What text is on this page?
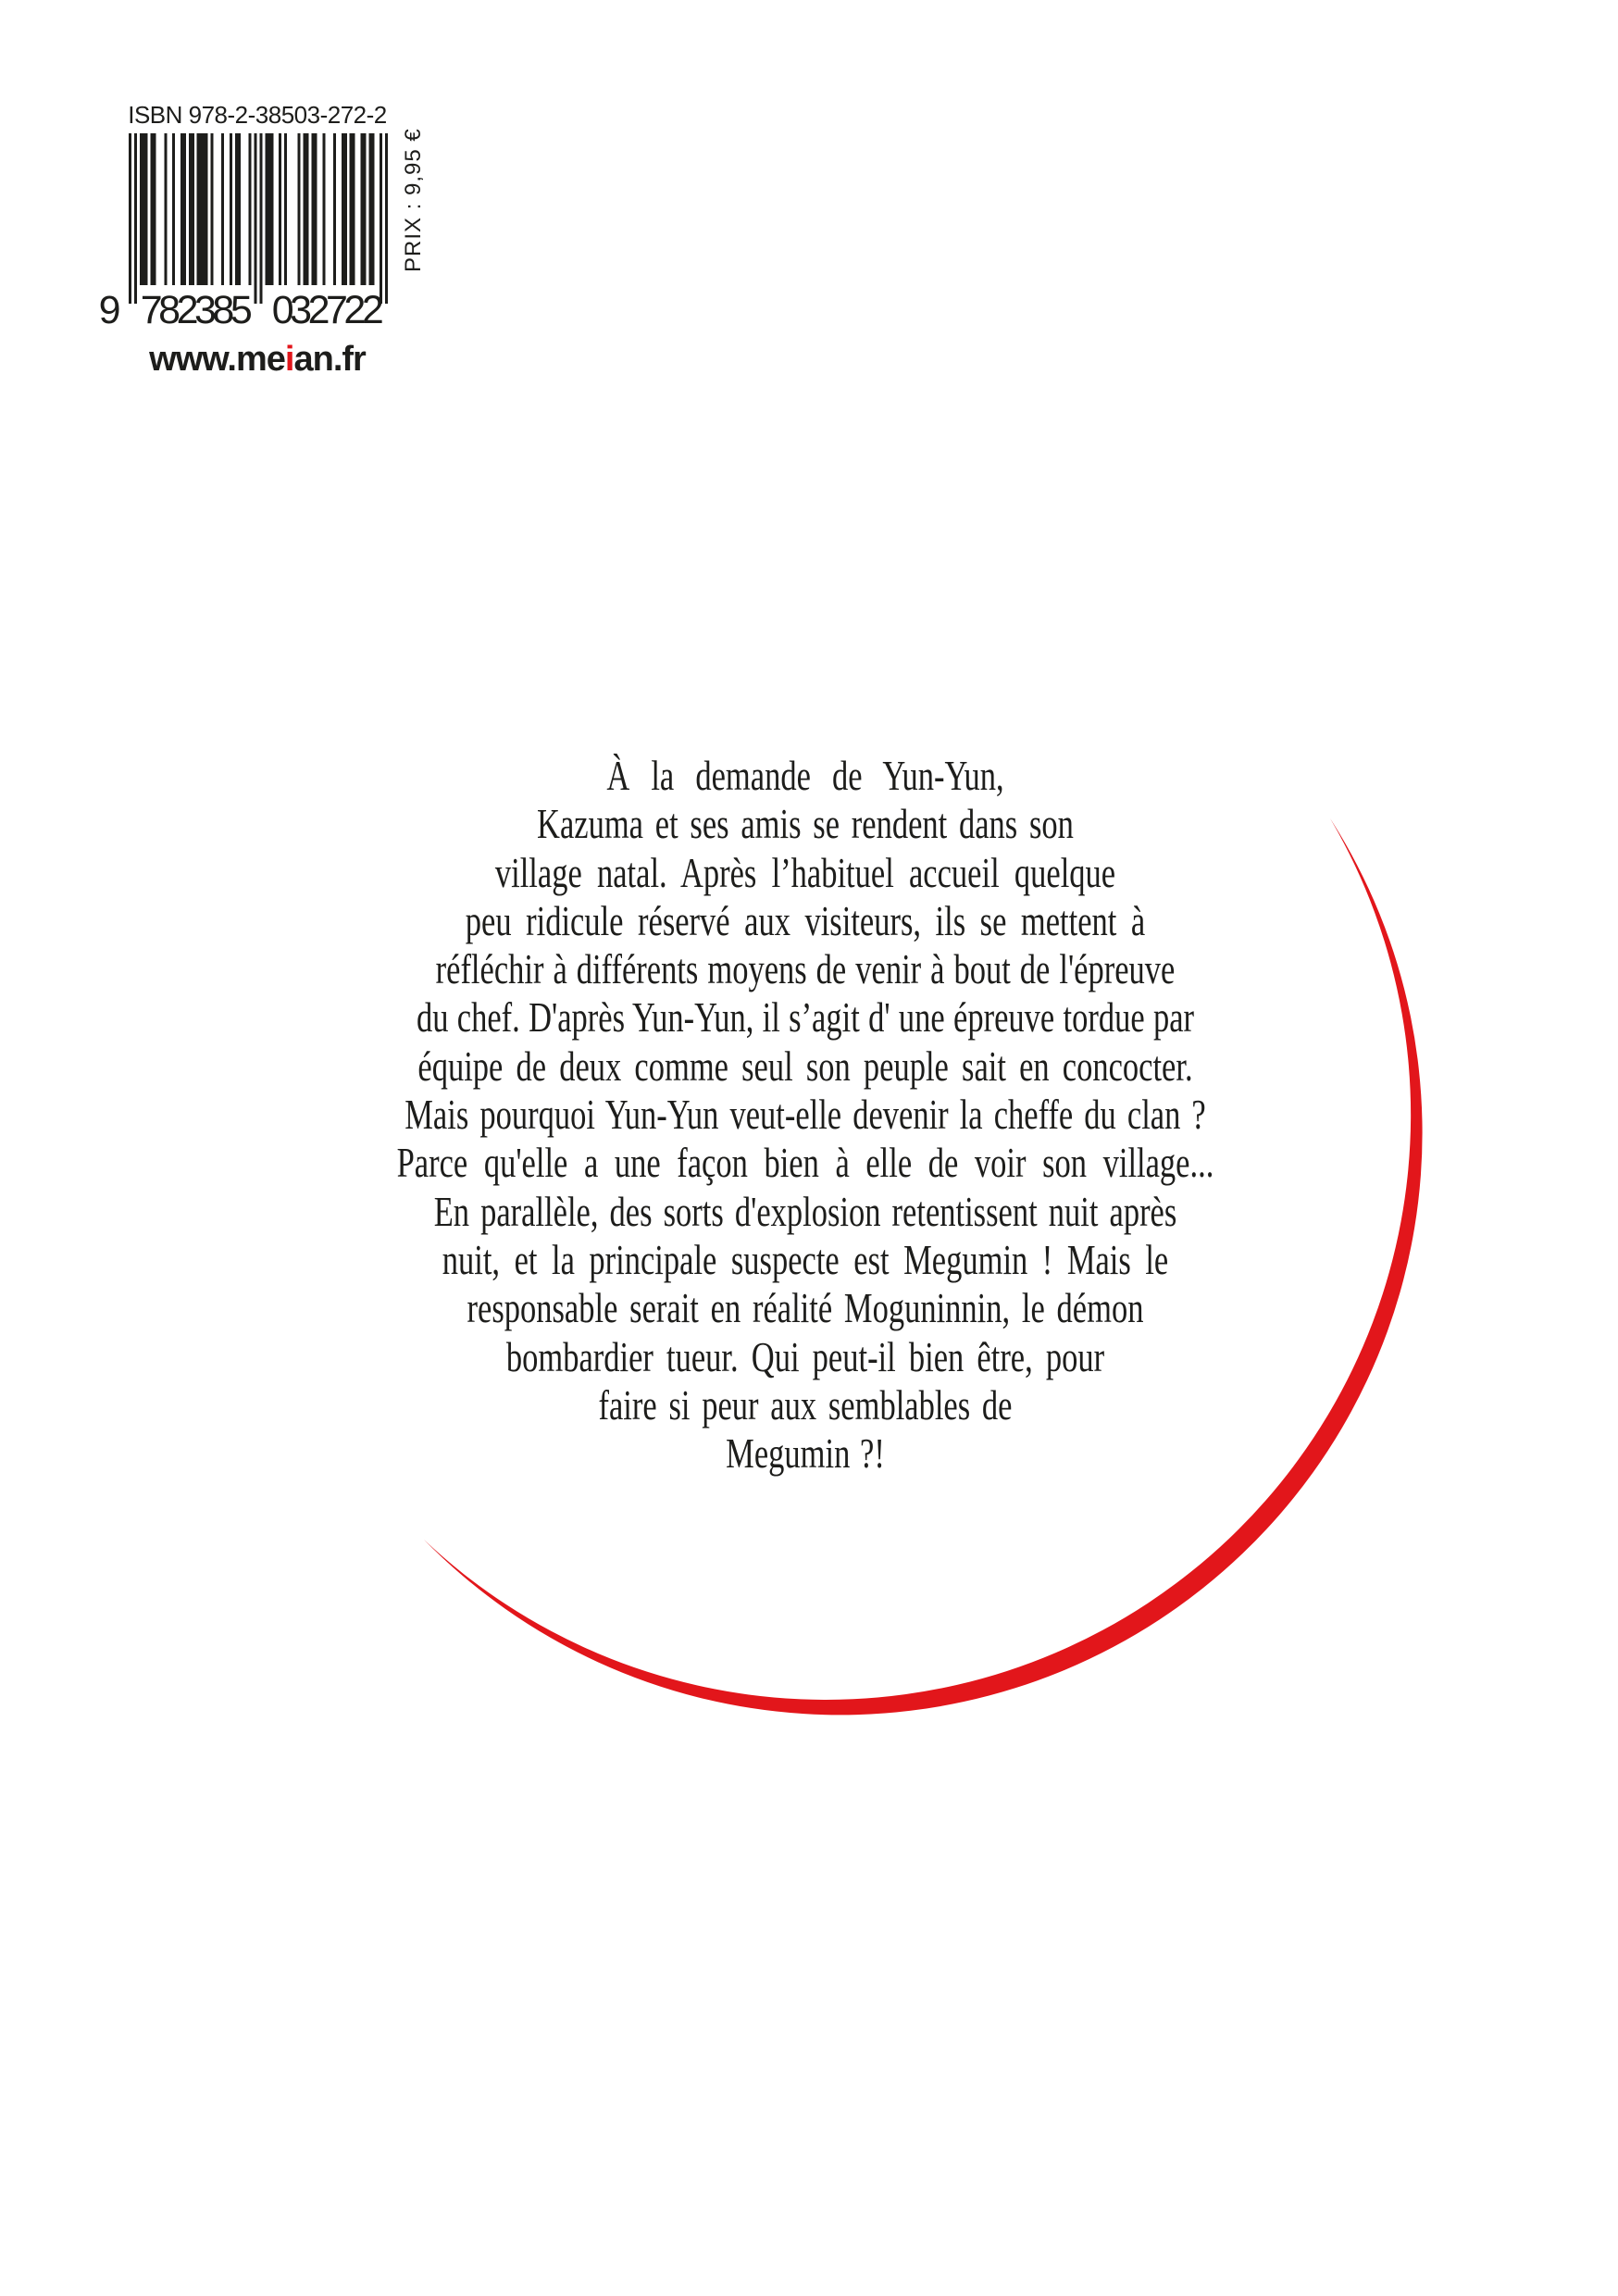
ISBN 978-2-38503-272-2
9 782385 032722
PRIX : 9,95 €
www.meian.fr
À la demande de Yun-Yun,
Kazuma et ses amis se rendent dans son
village natal. Après l’habituel accueil quelque
peu ridicule réservé aux visiteurs, ils se mettent à
réfléchir à différents moyens de venir à bout de l'épreuve
du chef. D'après Yun-Yun, il s’agit d' une épreuve tordue par
équipe de deux comme seul son peuple sait en concocter.
Mais pourquoi Yun-Yun veut-elle devenir la cheffe du clan ?
Parce qu'elle a une façon bien à elle de voir son village...
En parallèle, des sorts d'explosion retentissent nuit après
nuit, et la principale suspecte est Megumin ! Mais le
responsable serait en réalité Moguninnin, le démon
bombardier tueur. Qui peut-il bien être, pour
faire si peur aux semblables de
Megumin ?!
